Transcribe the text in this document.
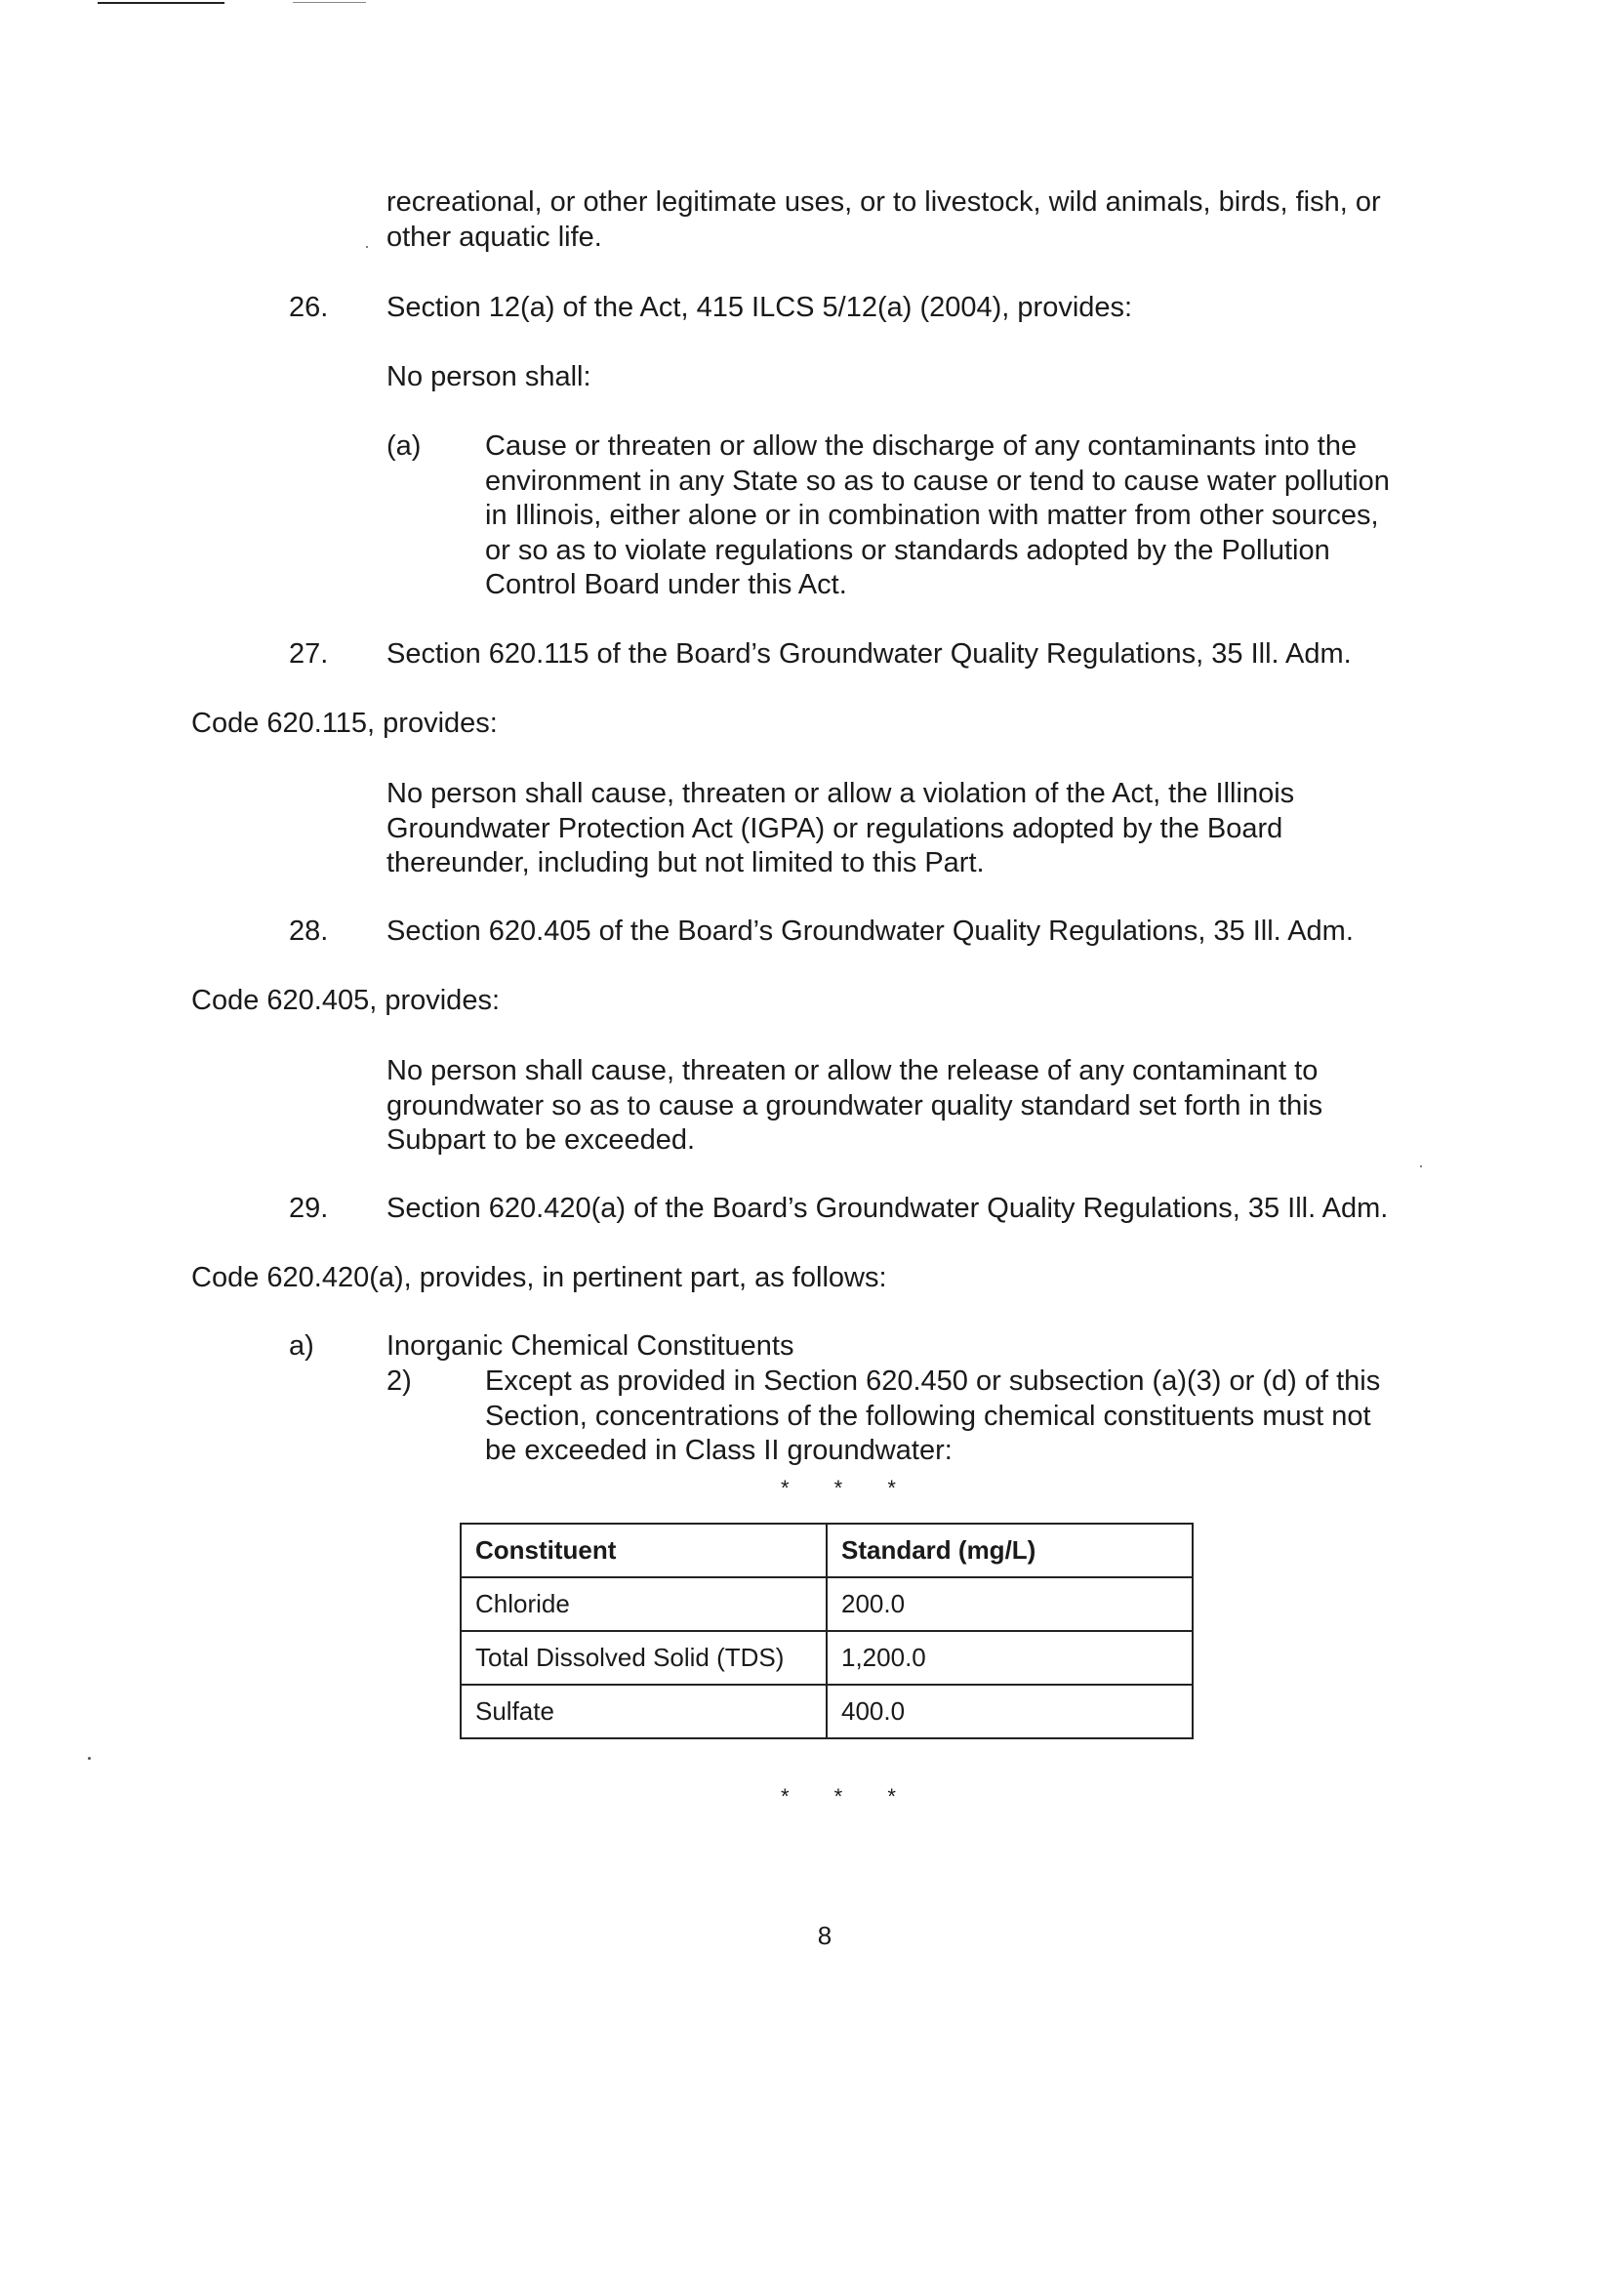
recreational, or other legitimate uses, or to livestock, wild animals, birds, fish, or
other aquatic life.
26. Section 12(a) of the Act, 415 ILCS 5/12(a) (2004), provides:
No person shall:
(a) Cause or threaten or allow the discharge of any contaminants into the
environment in any State so as to cause or tend to cause water pollution
in Illinois, either alone or in combination with matter from other sources,
or so as to violate regulations or standards adopted by the Pollution
Control Board under this Act.
27. Section 620.115 of the Board’s Groundwater Quality Regulations, 35 Ill. Adm.
Code 620.115, provides:
No person shall cause, threaten or allow a violation of the Act, the Illinois
Groundwater Protection Act (IGPA) or regulations adopted by the Board
thereunder, including but not limited to this Part.
28. Section 620.405 of the Board’s Groundwater Quality Regulations, 35 Ill. Adm.
Code 620.405, provides:
No person shall cause, threaten or allow the release of any contaminant to
groundwater so as to cause a groundwater quality standard set forth in this
Subpart to be exceeded.
29. Section 620.420(a) of the Board’s Groundwater Quality Regulations, 35 Ill. Adm.
Code 620.420(a), provides, in pertinent part, as follows:
a)	Inorganic Chemical Constituents
2)	Except as provided in Section 620.450 or subsection (a)(3) or (d) of this
Section, concentrations of the following chemical constituents must not
be exceeded in Class II groundwater:
* * *
Constituent	Standard (mg/L)
Chloride	200.0
Total Dissolved Solid (TDS)	1,200.0
Sulfate	400.0
* * *
8
